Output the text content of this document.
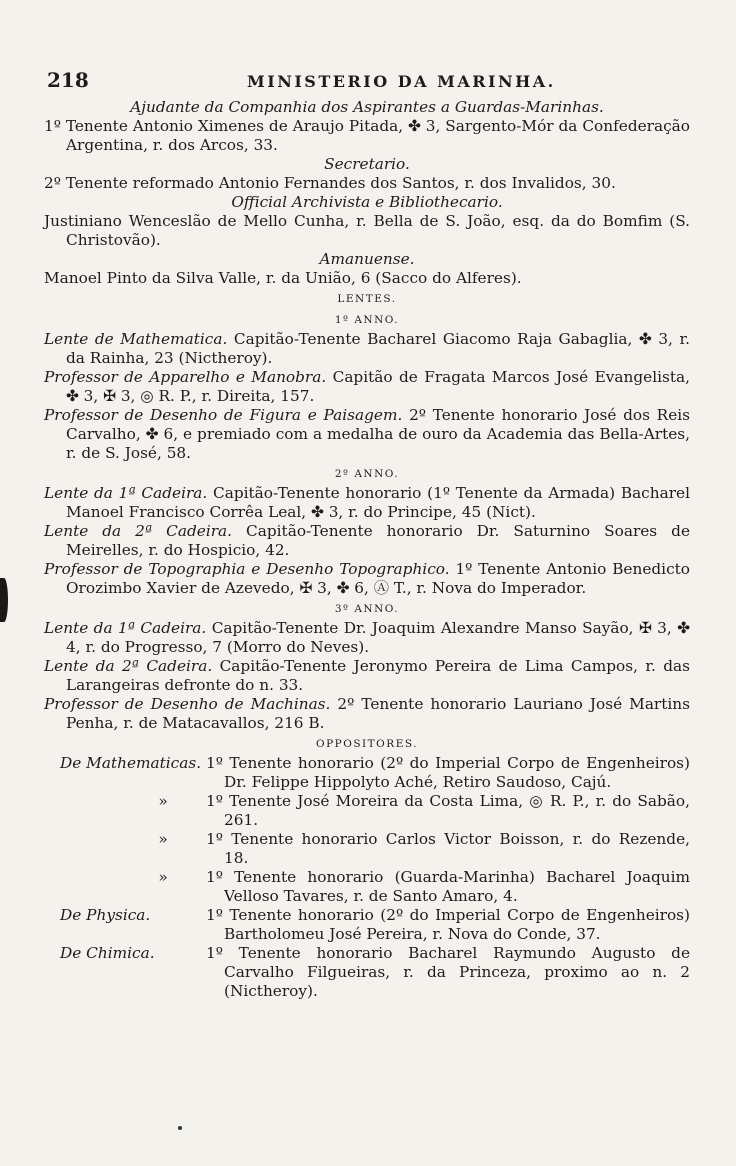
218	MINISTERIO DA MARINHA.
Ajudante da Companhia dos Aspirantes a Guardas-Marinhas.

1º Tenente Antonio Ximenes de Araujo Pitada, ✤ 3, Sargento-Mór da Confederação Argentina, r. dos Arcos, 33.

Secretario.

2º Tenente reformado Antonio Fernandes dos Santos, r. dos Invalidos, 30.

Official Archivista e Bibliothecario.

Justiniano Wenceslão de Mello Cunha, r. Bella de S. João, esq. da do Bomfim (S. Christovão).

Amanuense.

Manoel Pinto da Silva Valle, r. da União, 6 (Sacco do Alferes).

LENTES.
1º ANNO.

Lente de Mathematica. Capitão-Tenente Bacharel Giacomo Raja Gabaglia, ✤ 3, r. da Rainha, 23 (Nictheroy).

Professor de Apparelho e Manobra. Capitão de Fragata Marcos José Evangelista, ✤ 3, ✠ 3, ◎ R. P., r. Direita, 157.

Professor de Desenho de Figura e Paisagem. 2º Tenente honorario José dos Reis Carvalho, ✤ 6, e premiado com a medalha de ouro da Academia das Bella-Artes, r. de S. José, 58.

2º ANNO.

Lente da 1ª Cadeira. Capitão-Tenente honorario (1º Tenente da Armada) Bacharel Manoel Francisco Corrêa Leal, ✤ 3, r. do Principe, 45 (Nict).

Lente da 2ª Cadeira. Capitão-Tenente honorario Dr. Saturnino Soares de Meirelles, r. do Hospicio, 42.

Professor de Topographia e Desenho Topographico. 1º Tenente Antonio Benedicto Orozimbo Xavier de Azevedo, ✠ 3, ✤ 6, Ⓐ T., r. Nova do Imperador.

3º ANNO.

Lente da 1ª Cadeira. Capitão-Tenente Dr. Joaquim Alexandre Manso Sayão, ✠ 3, ✤ 4, r. do Progresso, 7 (Morro do Neves).

Lente da 2ª Cadeira. Capitão-Tenente Jeronymo Pereira de Lima Campos, r. das Larangeiras defronte do n. 33.

Professor de Desenho de Machinas. 2º Tenente honorario Lauriano José Martins Penha, r. de Matacavallos, 216 B.

OPPOSITORES.
De Mathematicas. 1º Tenente honorario (2º do Imperial Corpo de Engenheiros) Dr. Felippe Hippolyto Aché, Retiro Saudoso, Cajú.
»	1º Tenente José Moreira da Costa Lima, ◎ R. P., r. do Sabão, 261.
»	1º Tenente honorario Carlos Victor Boisson, r. do Rezende, 18.
»	1º Tenente honorario (Guarda-Marinha) Bacharel Joaquim Velloso Tavares, r. de Santo Amaro, 4.
De Physica.	1º Tenente honorario (2º do Imperial Corpo de Engenheiros) Bartholomeu José Pereira, r. Nova do Conde, 37.
De Chimica.	1º Tenente honorario Bacharel Raymundo Augusto de Carvalho Filgueiras, r. da Princeza, proximo ao n. 2 (Nictheroy).
